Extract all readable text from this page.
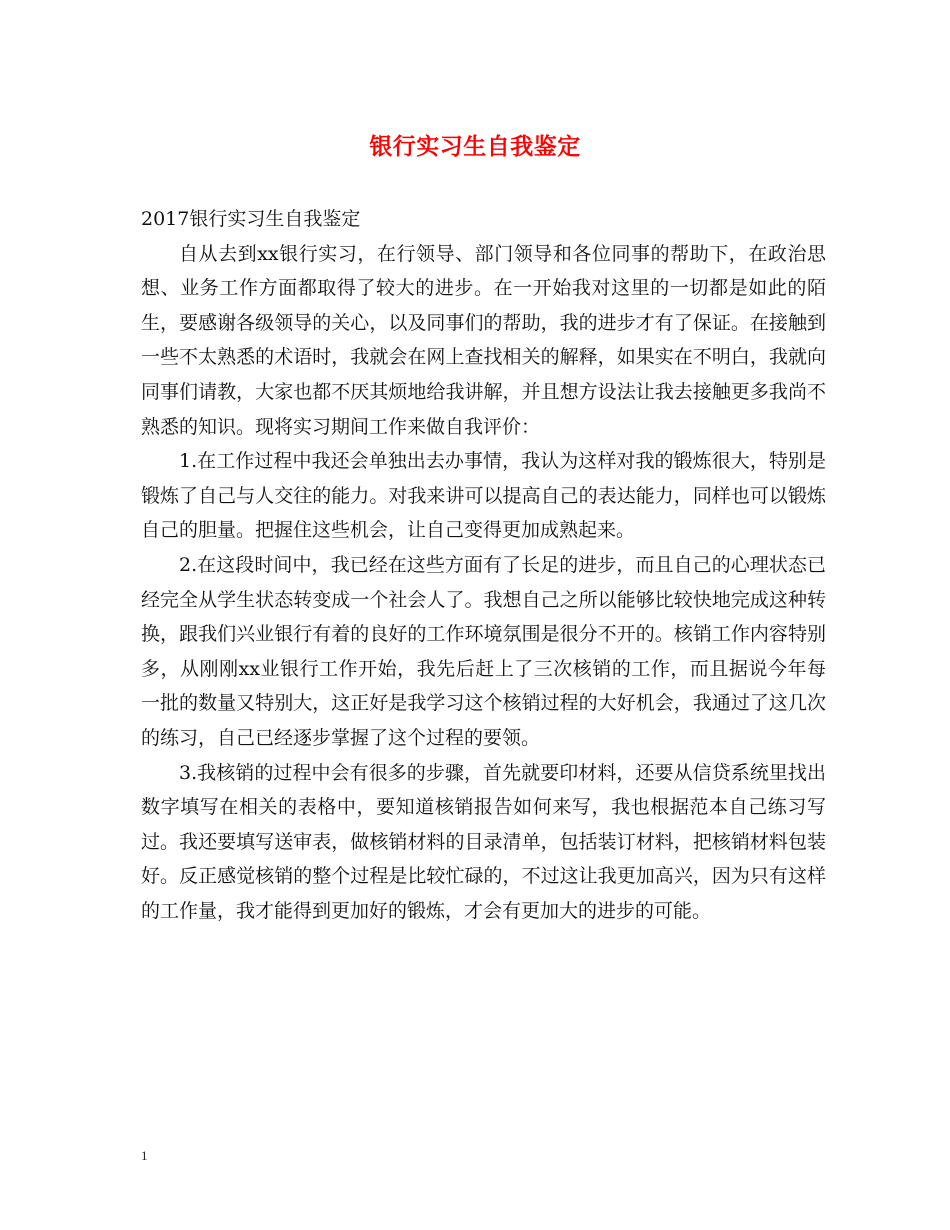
银行实习生自我鉴定

2017银行实习生自我鉴定

自从去到xx银行实习，在行领导、部门领导和各位同事的帮助下，在政治思想、业务工作方面都取得了较大的进步。在一开始我对这里的一切都是如此的陌生，要感谢各级领导的关心，以及同事们的帮助，我的进步才有了保证。在接触到一些不太熟悉的术语时，我就会在网上查找相关的解释，如果实在不明白，我就向同事们请教，大家也都不厌其烦地给我讲解，并且想方设法让我去接触更多我尚不熟悉的知识。现将实习期间工作来做自我评价：

1.在工作过程中我还会单独出去办事情，我认为这样对我的锻炼很大，特别是锻炼了自己与人交往的能力。对我来讲可以提高自己的表达能力，同样也可以锻炼自己的胆量。把握住这些机会，让自己变得更加成熟起来。

2.在这段时间中，我已经在这些方面有了长足的进步，而且自己的心理状态已经完全从学生状态转变成一个社会人了。我想自己之所以能够比较快地完成这种转换，跟我们兴业银行有着的良好的工作环境氛围是很分不开的。核销工作内容特别多，从刚刚xx业银行工作开始，我先后赶上了三次核销的工作，而且据说今年每一批的数量又特别大，这正好是我学习这个核销过程的大好机会，我通过了这几次的练习，自己已经逐步掌握了这个过程的要领。

3.我核销的过程中会有很多的步骤，首先就要印材料，还要从信贷系统里找出数字填写在相关的表格中，要知道核销报告如何来写，我也根据范本自己练习写过。我还要填写送审表，做核销材料的目录清单，包括装订材料，把核销材料包装好。反正感觉核销的整个过程是比较忙碌的，不过这让我更加高兴，因为只有这样的工作量，我才能得到更加好的锻炼，才会有更加大的进步的可能。

1
